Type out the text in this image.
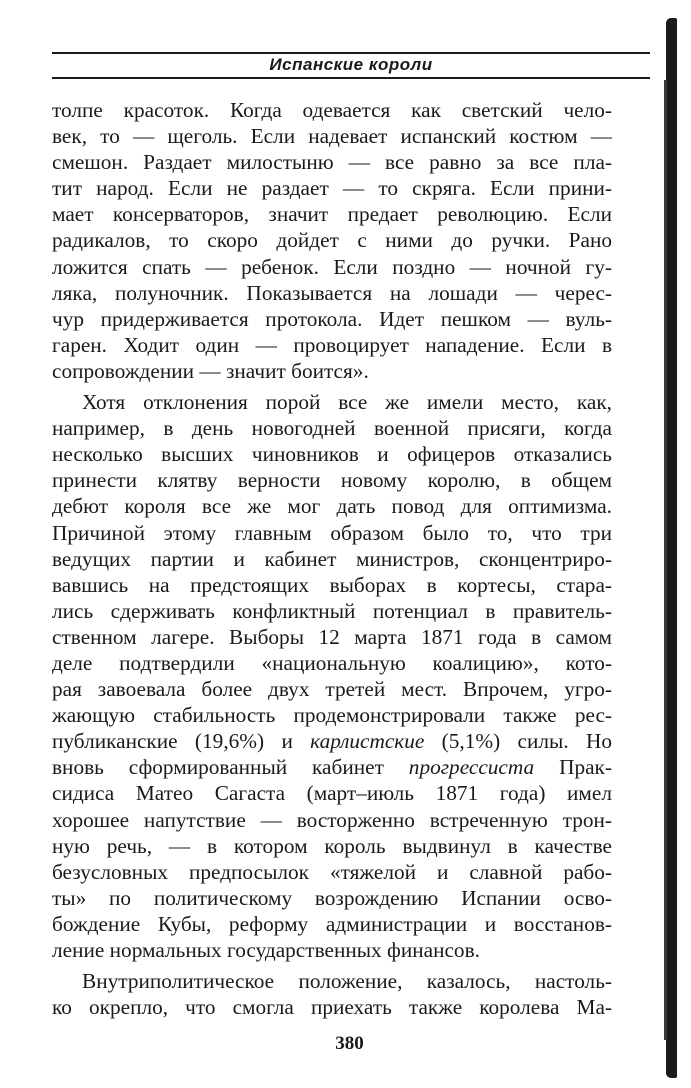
Испанские короли
толпе красоток. Когда одевается как светский чело-
век, то — щеголь. Если надевает испанский костюм —
смешон. Раздает милостыню — все равно за все пла-
тит народ. Если не раздает — то скряга. Если прини-
мает консерваторов, значит предает революцию. Если
радикалов, то скоро дойдет с ними до ручки. Рано
ложится спать — ребенок. Если поздно — ночной гу-
ляка, полуночник. Показывается на лошади — черес-
чур придерживается протокола. Идет пешком — вуль-
гарен. Ходит один — провоцирует нападение. Если в
сопровождении — значит боится».
Хотя отклонения порой все же имели место, как,
например, в день новогодней военной присяги, когда
несколько высших чиновников и офицеров отказались
принести клятву верности новому королю, в общем
дебют короля все же мог дать повод для оптимизма.
Причиной этому главным образом было то, что три
ведущих партии и кабинет министров, сконцентриро-
вавшись на предстоящих выборах в кортесы, стара-
лись сдерживать конфликтный потенциал в правитель-
ственном лагере. Выборы 12 марта 1871 года в самом
деле подтвердили «национальную коалицию», кото-
рая завоевала более двух третей мест. Впрочем, угро-
жающую стабильность продемонстрировали также рес-
публиканские (19,6%) и карлистские (5,1%) силы. Но
вновь сформированный кабинет прогрессиста Прак-
сидиса Матео Сагаста (март–июль 1871 года) имел
хорошее напутствие — восторженно встреченную трон-
ную речь, — в котором король выдвинул в качестве
безусловных предпосылок «тяжелой и славной рабо-
ты» по политическому возрождению Испании осво-
бождение Кубы, реформу администрации и восстанов-
ление нормальных государственных финансов.
Внутриполитическое положение, казалось, настоль-
ко окрепло, что смогла приехать также королева Ма-
380
